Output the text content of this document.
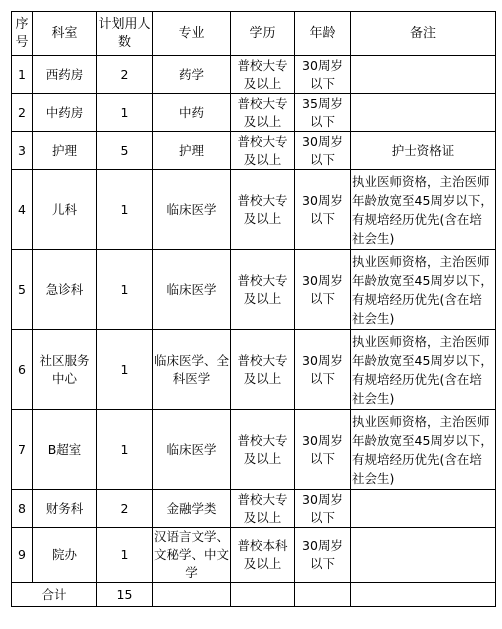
序号	科室	计划用人数	专业	学历	年龄	备注
1	西药房	2	药学	普校大专及以上	30周岁以下	
2	中药房	1	中药	普校大专及以上	35周岁以下	
3	护理	5	护理	普校大专及以上	30周岁以下	护士资格证
4	儿科	1	临床医学	普校大专及以上	30周岁以下	执业医师资格，主治医师年龄放宽至45周岁以下，有规培经历优先(含在培社会生)
5	急诊科	1	临床医学	普校大专及以上	30周岁以下	执业医师资格，主治医师年龄放宽至45周岁以下，有规培经历优先(含在培社会生)
6	社区服务中心	1	临床医学、全科医学	普校大专及以上	30周岁以下	执业医师资格，主治医师年龄放宽至45周岁以下，有规培经历优先(含在培社会生)
7	B超室	1	临床医学	普校大专及以上	30周岁以下	执业医师资格，主治医师年龄放宽至45周岁以下，有规培经历优先(含在培社会生)
8	财务科	2	金融学类	普校大专及以上	30周岁以下	
9	院办	1	汉语言文学、文秘学、中文学	普校本科及以上	30周岁以下	
合计		15				
